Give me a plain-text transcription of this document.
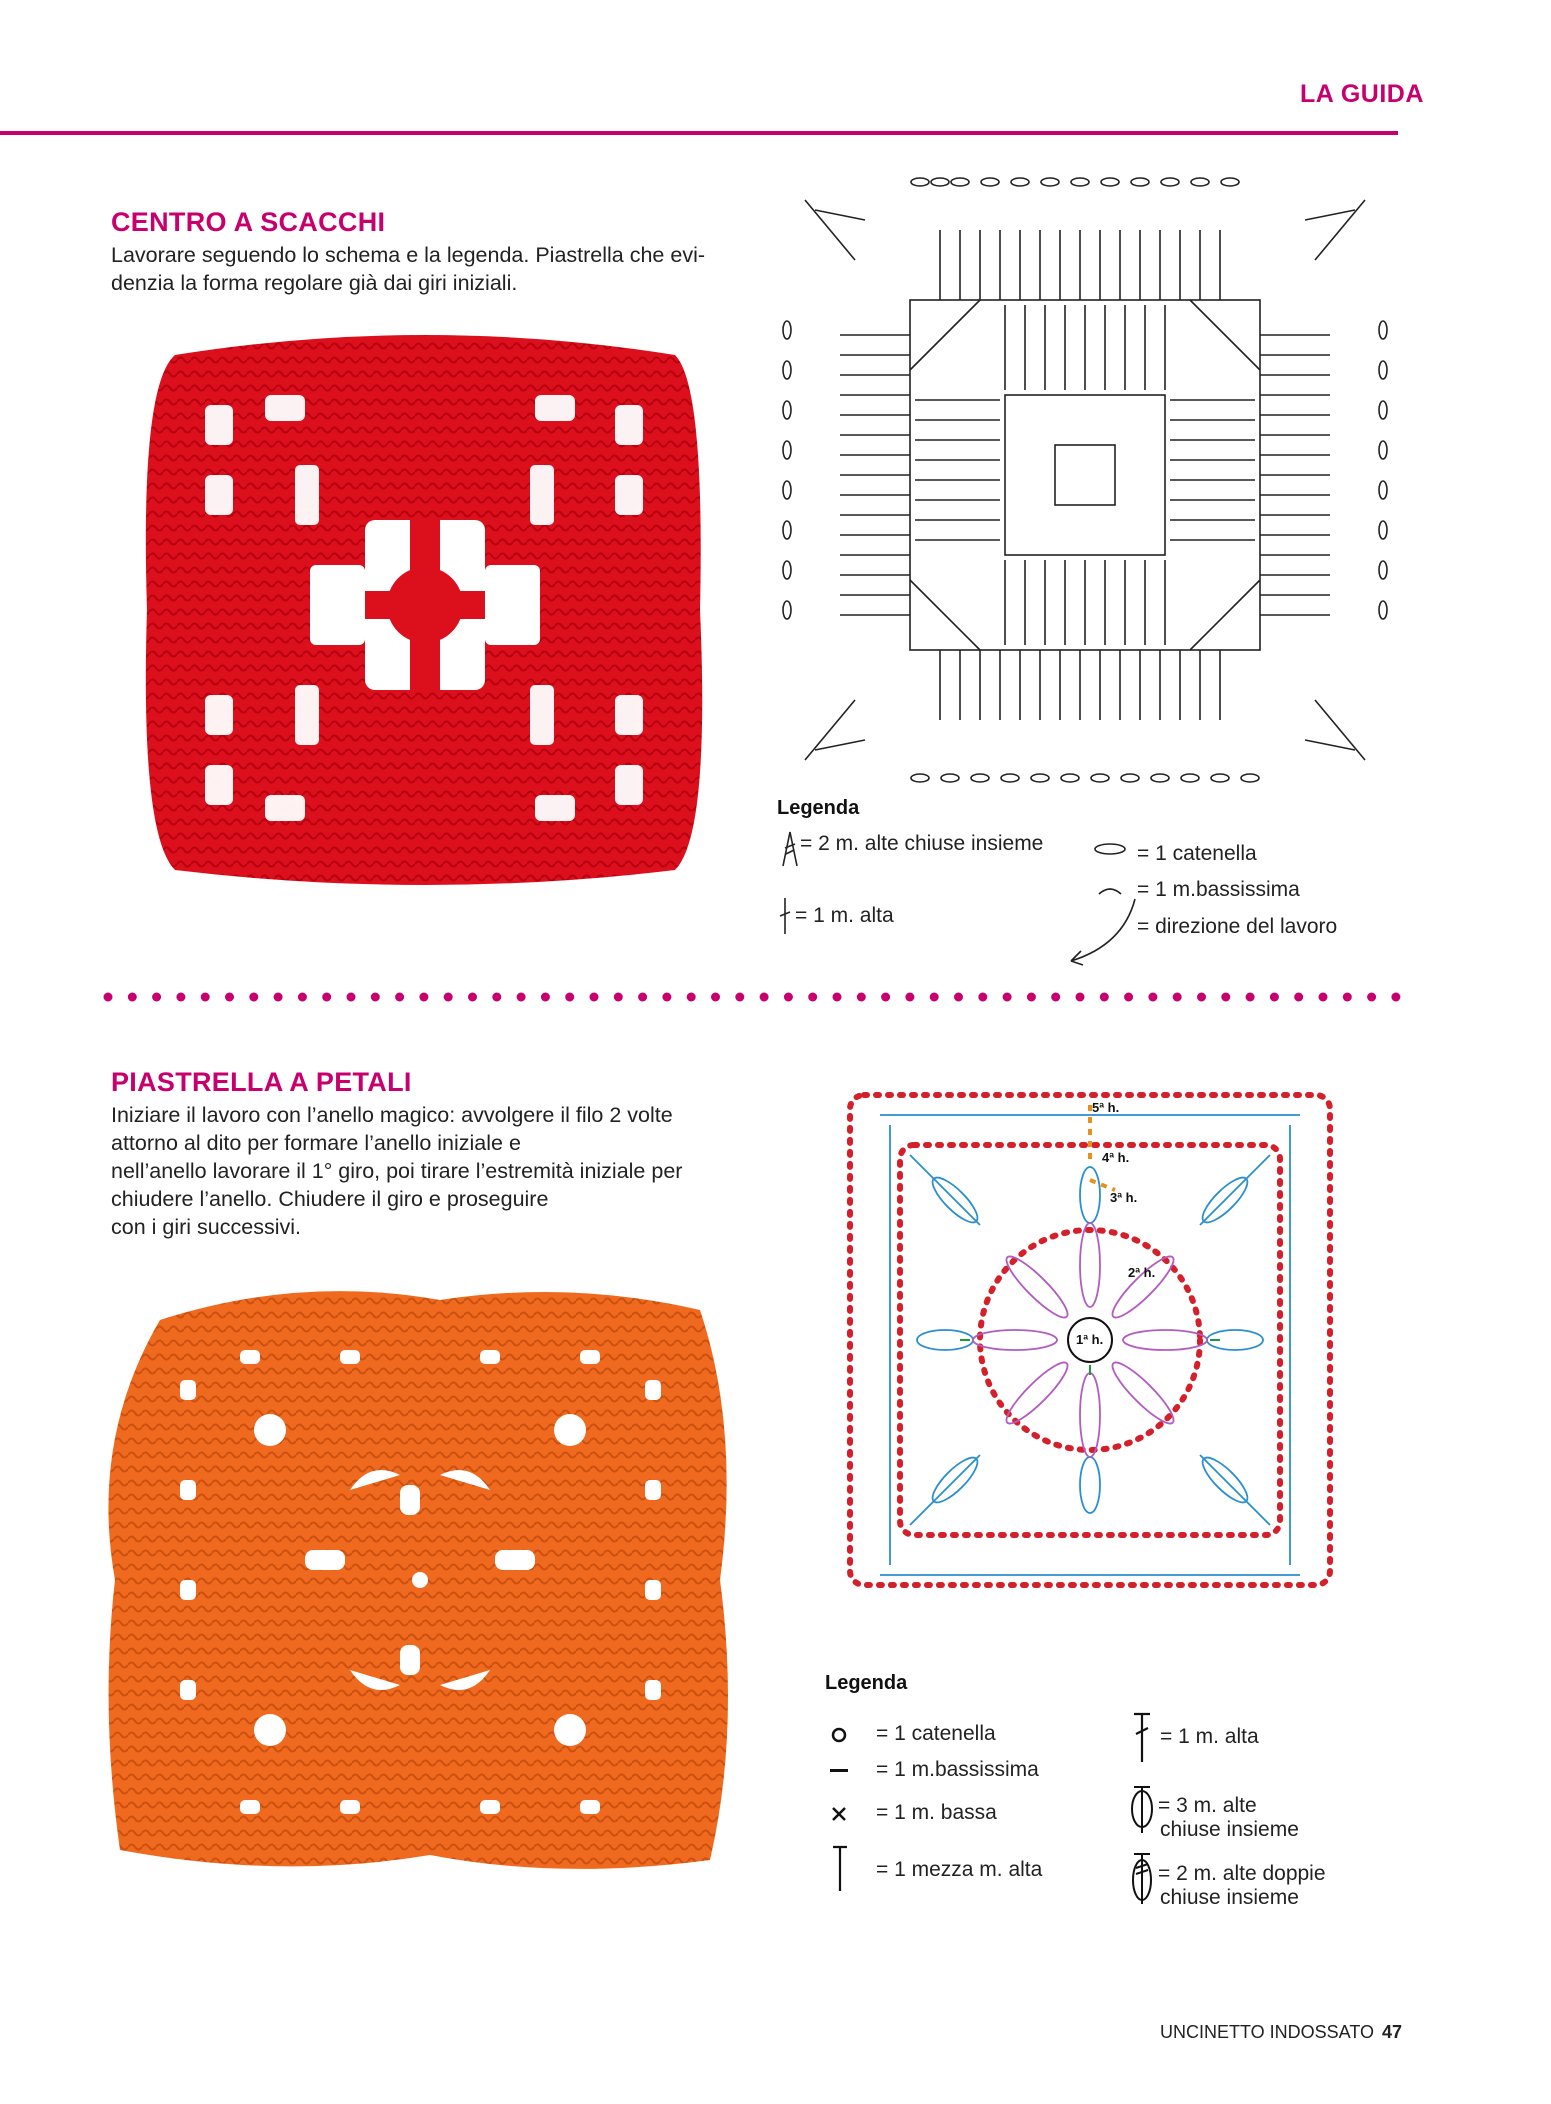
LA GUIDA
CENTRO A SCACCHI
Lavorare seguendo lo schema e la legenda. Piastrella che evi-
denzia la forma regolare già dai giri iniziali.
Legenda
= 2 m. alte chiuse insieme
= 1 m. alta
= 1 catenella
= 1 m.bassissima
= direzione del lavoro
PIASTRELLA A PETALI
Iniziare il lavoro con l’anello magico: avvolgere il filo 2 volte
attorno al dito per formare l’anello iniziale e
nell’anello lavorare il 1° giro, poi tirare l’estremità iniziale per
chiudere l’anello. Chiudere il giro e proseguire
con i giri successivi.
5ª h.
4ª h.
3ª h.
2ª h.
1ª h.
Legenda
= 1 catenella
= 1 m.bassissima
= 1 m. bassa
= 1 mezza m. alta
= 1 m. alta
= 3 m. alte
chiuse insieme
= 2 m. alte doppie
chiuse insieme
UNCINETTO INDOSSATO 47
